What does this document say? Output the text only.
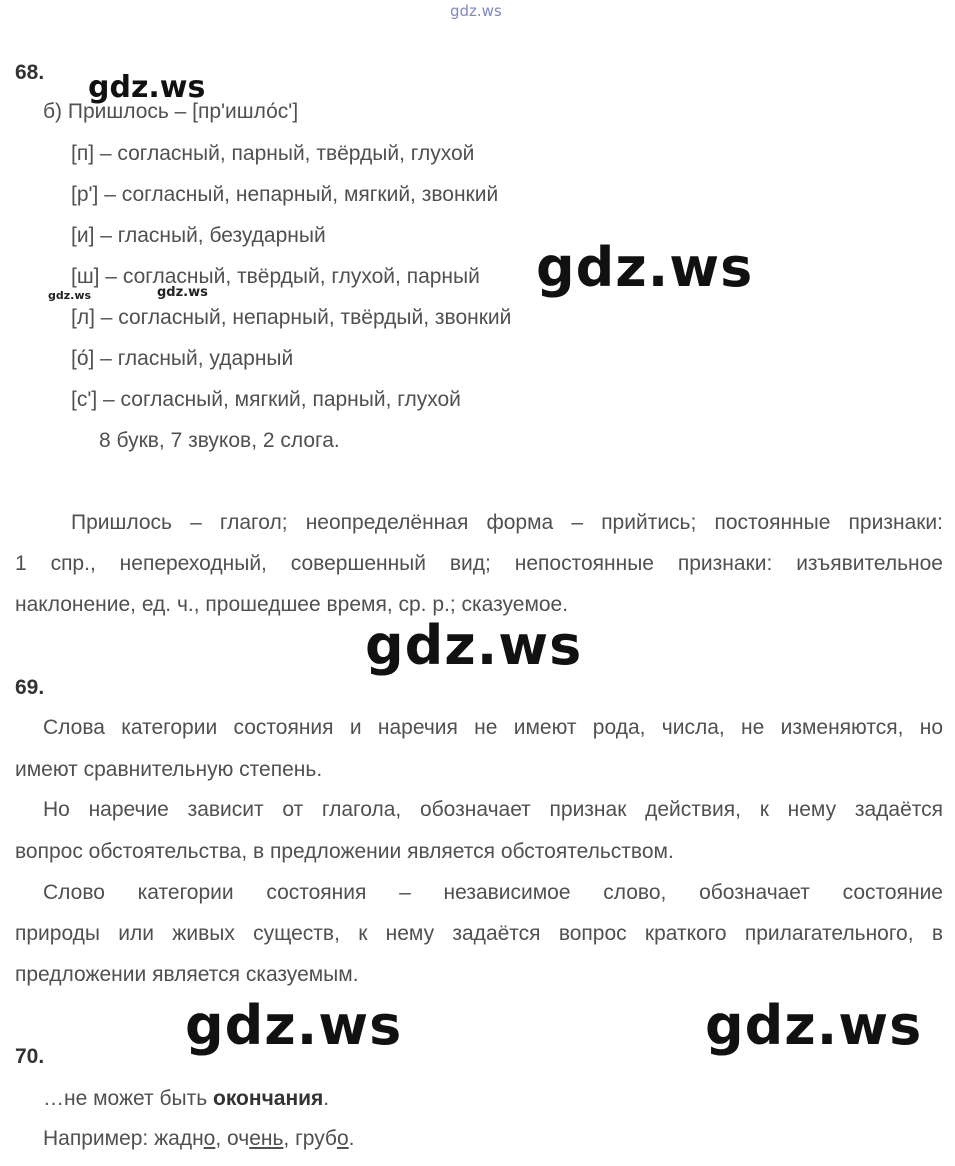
gdz.ws
68. gdz.ws
б) Пришлось – [пр'ишло́с']
[п] – согласный, парный, твёрдый, глухой
[р'] – согласный, непарный, мягкий, звонкий
[и] – гласный, безударный
[ш] – согласный, твёрдый, глухой, парный
[л] – согласный, непарный, твёрдый, звонкий
[о́] – гласный, ударный
[с'] – согласный, мягкий, парный, глухой
gdz.ws
gdz.ws	gdz.ws
8 букв, 7 звуков, 2 слога.
Пришлось – глагол; неопределённая форма – прийтись; постоянные признаки:
1 спр., непереходный, совершенный вид; непостоянные признаки: изъявительное
наклонение, ед. ч., прошедшее время, ср. р.; сказуемое.
gdz.ws
69.
Слова категории состояния и наречия не имеют рода, числа, не изменяются, но
имеют сравнительную степень.
Но наречие зависит от глагола, обозначает признак действия, к нему задаётся
вопрос обстоятельства, в предложении является обстоятельством.
Слово категории состояния – независимое слово, обозначает состояние
природы или живых существ, к нему задаётся вопрос краткого прилагательного, в
предложении является сказуемым.
gdz.ws	gdz.ws
70.
…не может быть окончания.
Например: жадно, очень, грубо.
